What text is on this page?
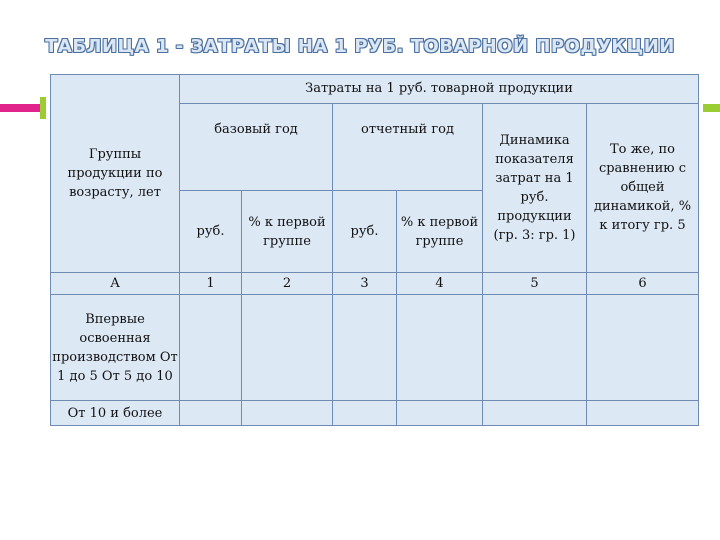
ТАБЛИЦА 1 - ЗАТРАТЫ НА 1 РУБ. ТОВАРНОЙ ПРОДУКЦИИ
Группы продукции по возрасту, лет	Затраты на 1 руб. товарной продукции					
	базовый год		отчетный год		Динамика показателя затрат на 1 руб. продукции (гр. 3: гр. 1)	То же, по сравнению с общей динамикой, % к итогу гр. 5
	руб.	% к первой группе	руб.	% к первой группе		
А	1	2	3	4	5	6
Впервые освоенная производством От 1 до 5 От 5 до 10						
От 10 и более						
